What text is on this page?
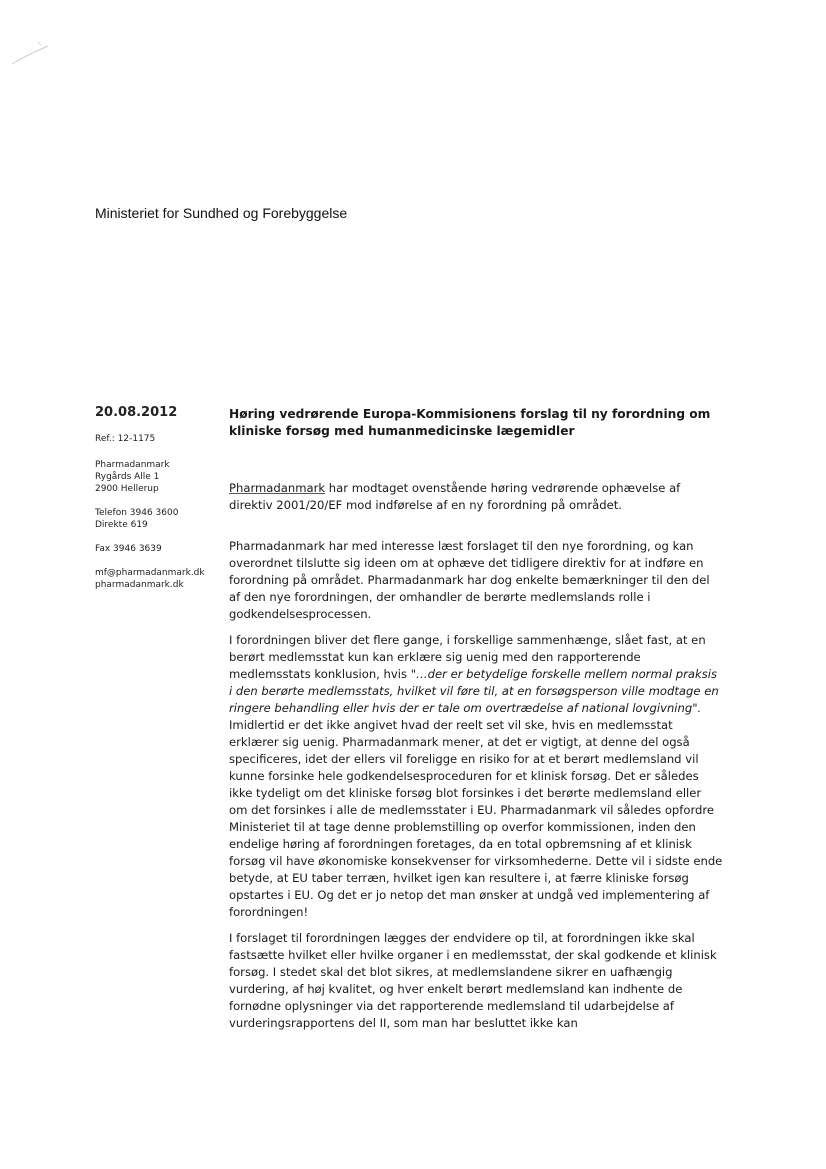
Ministeriet for Sundhed og Forebyggelse
20.08.2012
Ref.: 12-1175
Pharmadanmark
Rygårds Alle 1
2900 Hellerup
Telefon 3946 3600
Direkte 619
Fax 3946 3639
mf@pharmadanmark.dk
pharmadanmark.dk
Høring vedrørende Europa-Kommisionens forslag til ny forordning om kliniske forsøg med humanmedicinske lægemidler

Pharmadanmark har modtaget ovenstående høring vedrørende ophævelse af direktiv 2001/20/EF mod indførelse af en ny forordning på området.

Pharmadanmark har med interesse læst forslaget til den nye forordning, og kan overordnet tilslutte sig ideen om at ophæve det tidligere direktiv for at indføre en forordning på området. Pharmadanmark har dog enkelte bemærkninger til den del af den nye forordningen, der omhandler de berørte medlemslands rolle i godkendelsesprocessen.

I forordningen bliver det flere gange, i forskellige sammenhænge, slået fast, at en berørt medlemsstat kun kan erklære sig uenig med den rapporterende medlemsstats konklusion, hvis "…der er betydelige forskelle mellem normal praksis i den berørte medlemsstats, hvilket vil føre til, at en forsøgsperson ville modtage en ringere behandling eller hvis der er tale om overtrædelse af national lovgivning". Imidlertid er det ikke angivet hvad der reelt set vil ske, hvis en medlemsstat erklærer sig uenig. Pharmadanmark mener, at det er vigtigt, at denne del også specificeres, idet der ellers vil foreligge en risiko for at et berørt medlemsland vil kunne forsinke hele godkendelsesproceduren for et klinisk forsøg. Det er således ikke tydeligt om det kliniske forsøg blot forsinkes i det berørte medlemsland eller om det forsinkes i alle de medlemsstater i EU. Pharmadanmark vil således opfordre Ministeriet til at tage denne problemstilling op overfor kommissionen, inden den endelige høring af forordningen foretages, da en total opbremsning af et klinisk forsøg vil have økonomiske konsekvenser for virksomhederne. Dette vil i sidste ende betyde, at EU taber terræn, hvilket igen kan resultere i, at færre kliniske forsøg opstartes i EU. Og det er jo netop det man ønsker at undgå ved implementering af forordningen!

I forslaget til forordningen lægges der endvidere op til, at forordningen ikke skal fastsætte hvilket eller hvilke organer i en medlemsstat, der skal godkende et klinisk forsøg. I stedet skal det blot sikres, at medlemslandene sikrer en uafhængig vurdering, af høj kvalitet, og hver enkelt berørt medlemsland kan indhente de fornødne oplysninger via det rapporterende medlemsland til udarbejdelse af vurderingsrapportens del II, som man har besluttet ikke kan
